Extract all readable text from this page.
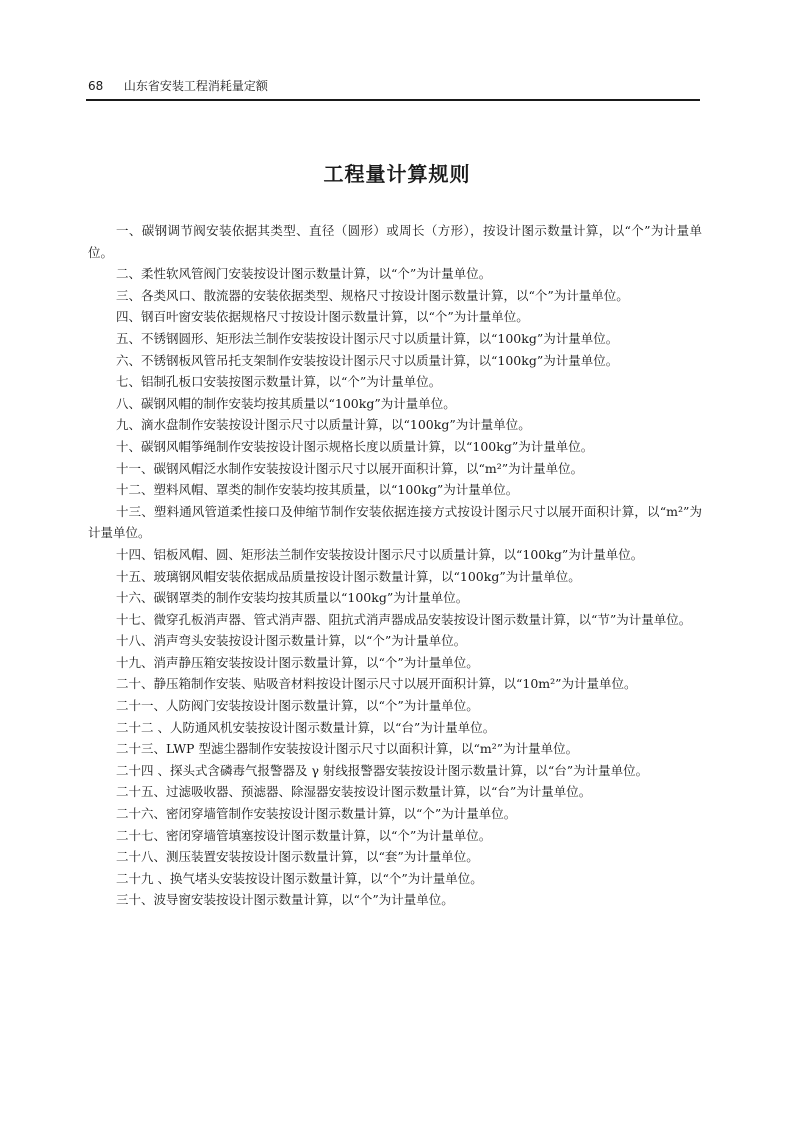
68 山东省安装工程消耗量定额
工程量计算规则

一、碳钢调节阀安装依据其类型、直径（圆形）或周长（方形），按设计图示数量计算，以“个”为计量单位。

二、柔性软风管阀门安装按设计图示数量计算，以“个”为计量单位。

三、各类风口、散流器的安装依据类型、规格尺寸按设计图示数量计算，以“个”为计量单位。

四、钢百叶窗安装依据规格尺寸按设计图示数量计算，以“个”为计量单位。

五、不锈钢圆形、矩形法兰制作安装按设计图示尺寸以质量计算，以“100kg”为计量单位。

六、不锈钢板风管吊托支架制作安装按设计图示尺寸以质量计算，以“100kg”为计量单位。

七、铝制孔板口安装按图示数量计算，以“个”为计量单位。

八、碳钢风帽的制作安装均按其质量以“100kg”为计量单位。

九、滴水盘制作安装按设计图示尺寸以质量计算，以“100kg”为计量单位。

十、碳钢风帽筝绳制作安装按设计图示规格长度以质量计算，以“100kg”为计量单位。

十一、碳钢风帽泛水制作安装按设计图示尺寸以展开面积计算，以“m²”为计量单位。

十二、塑料风帽、罩类的制作安装均按其质量，以“100kg”为计量单位。

十三、塑料通风管道柔性接口及伸缩节制作安装依据连接方式按设计图示尺寸以展开面积计算，以“m²”为计量单位。

十四、铝板风帽、圆、矩形法兰制作安装按设计图示尺寸以质量计算，以“100kg”为计量单位。

十五、玻璃钢风帽安装依据成品质量按设计图示数量计算，以“100kg”为计量单位。

十六、碳钢罩类的制作安装均按其质量以“100kg”为计量单位。

十七、微穿孔板消声器、管式消声器、阻抗式消声器成品安装按设计图示数量计算，以“节”为计量单位。

十八、消声弯头安装按设计图示数量计算，以“个”为计量单位。

十九、消声静压箱安装按设计图示数量计算，以“个”为计量单位。

二十、静压箱制作安装、贴吸音材料按设计图示尺寸以展开面积计算，以“10m²”为计量单位。

二十一、人防阀门安装按设计图示数量计算，以“个”为计量单位。

二十二 、人防通风机安装按设计图示数量计算，以“台”为计量单位。

二十三、LWP 型滤尘器制作安装按设计图示尺寸以面积计算，以“m²”为计量单位。

二十四 、探头式含磷毒气报警器及 γ 射线报警器安装按设计图示数量计算，以“台”为计量单位。

二十五、过滤吸收器、预滤器、除湿器安装按设计图示数量计算，以“台”为计量单位。

二十六、密闭穿墙管制作安装按设计图示数量计算，以“个”为计量单位。

二十七、密闭穿墙管填塞按设计图示数量计算，以“个”为计量单位。

二十八、测压装置安装按设计图示数量计算，以“套”为计量单位。

二十九 、换气堵头安装按设计图示数量计算，以“个”为计量单位。

三十、波导窗安装按设计图示数量计算，以“个”为计量单位。
